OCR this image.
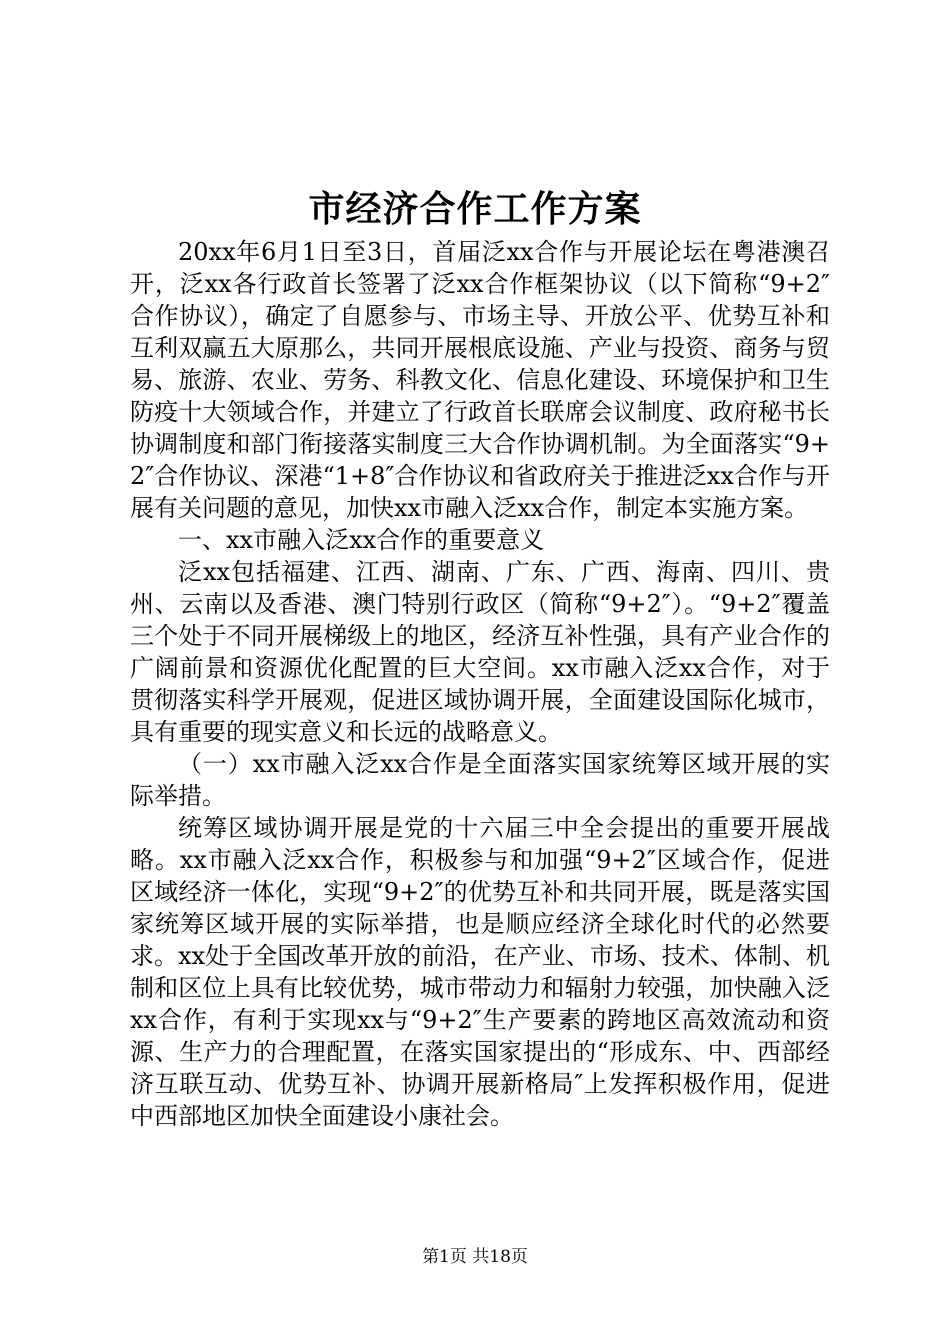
市经济合作工作方案

20xx年6月1日至3日，首届泛xx合作与开展论坛在粤港澳召开，泛xx各行政首长签署了泛xx合作框架协议（以下简称“9+2″合作协议），确定了自愿参与、市场主导、开放公平、优势互补和互利双赢五大原那么，共同开展根底设施、产业与投资、商务与贸易、旅游、农业、劳务、科教文化、信息化建设、环境保护和卫生防疫十大领域合作，并建立了行政首长联席会议制度、政府秘书长协调制度和部门衔接落实制度三大合作协调机制。为全面落实“9+2″合作协议、深港“1+8″合作协议和省政府关于推进泛xx合作与开展有关问题的意见，加快xx市融入泛xx合作，制定本实施方案。

一、xx市融入泛xx合作的重要意义

泛xx包括福建、江西、湖南、广东、广西、海南、四川、贵州、云南以及香港、澳门特别行政区（简称“9+2″）。“9+2″覆盖三个处于不同开展梯级上的地区，经济互补性强，具有产业合作的广阔前景和资源优化配置的巨大空间。xx市融入泛xx合作，对于贯彻落实科学开展观，促进区域协调开展，全面建设国际化城市，具有重要的现实意义和长远的战略意义。

（一）xx市融入泛xx合作是全面落实国家统筹区域开展的实际举措。

统筹区域协调开展是党的十六届三中全会提出的重要开展战略。xx市融入泛xx合作，积极参与和加强“9+2″区域合作，促进区域经济一体化，实现“9+2″的优势互补和共同开展，既是落实国家统筹区域开展的实际举措，也是顺应经济全球化时代的必然要求。xx处于全国改革开放的前沿，在产业、市场、技术、体制、机制和区位上具有比较优势，城市带动力和辐射力较强，加快融入泛xx合作，有利于实现xx与“9+2″生产要素的跨地区高效流动和资源、生产力的合理配置，在落实国家提出的“形成东、中、西部经济互联互动、优势互补、协调开展新格局″上发挥积极作用，促进中西部地区加快全面建设小康社会。

第1页 共18页
